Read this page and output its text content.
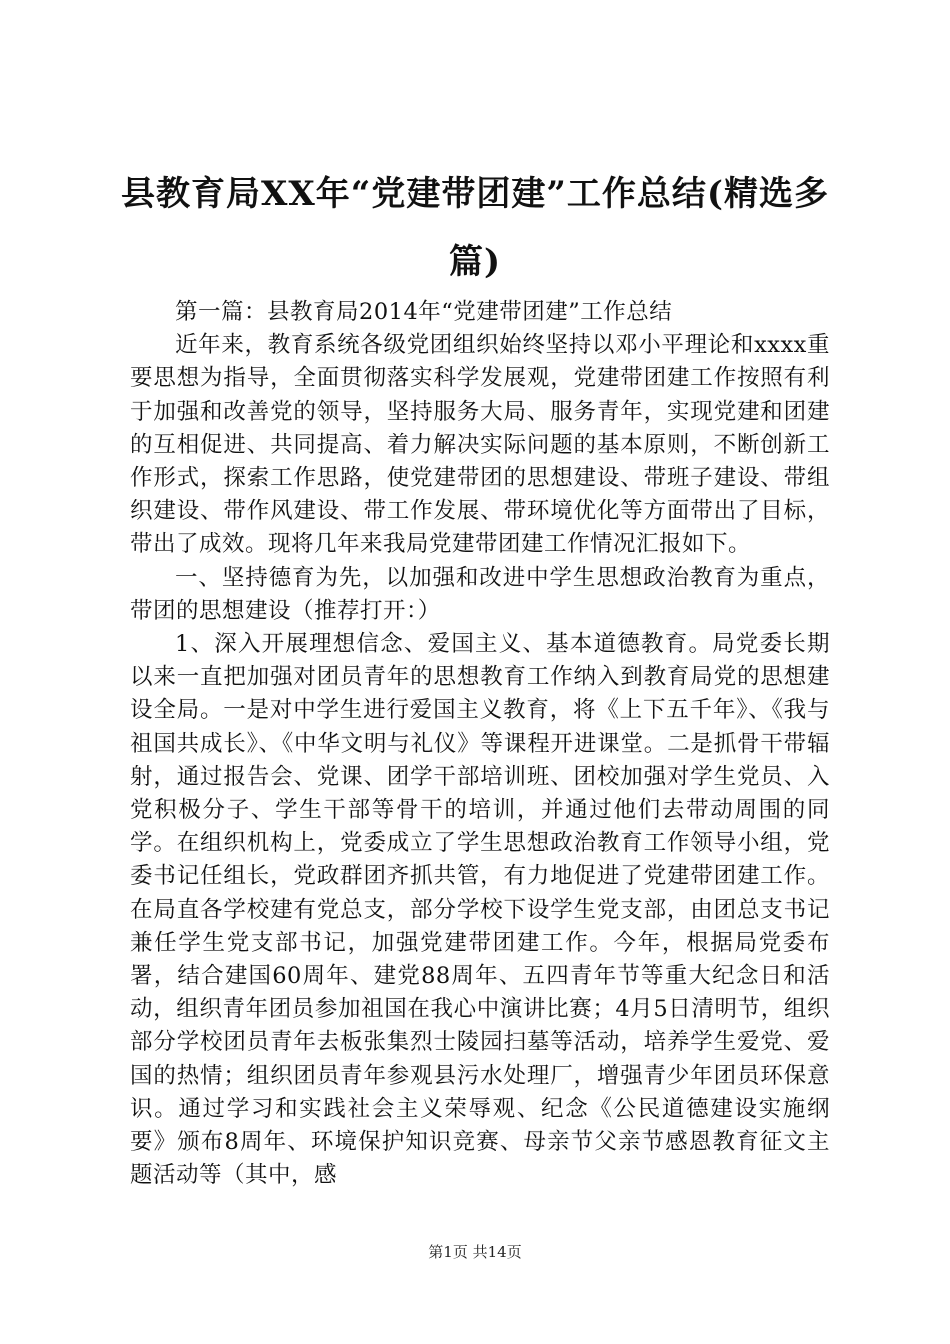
县教育局XX年“党建带团建”工作总结(精选多篇)

第一篇：县教育局2014年“党建带团建”工作总结

近年来，教育系统各级党团组织始终坚持以邓小平理论和xxxx重要思想为指导，全面贯彻落实科学发展观，党建带团建工作按照有利于加强和改善党的领导，坚持服务大局、服务青年，实现党建和团建的互相促进、共同提高、着力解决实际问题的基本原则，不断创新工作形式，探索工作思路，使党建带团的思想建设、带班子建设、带组织建设、带作风建设、带工作发展、带环境优化等方面带出了目标，带出了成效。现将几年来我局党建带团建工作情况汇报如下。

一、坚持德育为先，以加强和改进中学生思想政治教育为重点，带团的思想建设（推荐打开：）

1、深入开展理想信念、爱国主义、基本道德教育。局党委长期以来一直把加强对团员青年的思想教育工作纳入到教育局党的思想建设全局。一是对中学生进行爱国主义教育，将《上下五千年》、《我与祖国共成长》、《中华文明与礼仪》等课程开进课堂。二是抓骨干带辐射，通过报告会、党课、团学干部培训班、团校加强对学生党员、入党积极分子、学生干部等骨干的培训，并通过他们去带动周围的同学。在组织机构上，党委成立了学生思想政治教育工作领导小组，党委书记任组长，党政群团齐抓共管，有力地促进了党建带团建工作。在局直各学校建有党总支，部分学校下设学生党支部，由团总支书记兼任学生党支部书记，加强党建带团建工作。今年，根据局党委布署，结合建国60周年、建党88周年、五四青年节等重大纪念日和活动，组织青年团员参加祖国在我心中演讲比赛；4月5日清明节，组织部分学校团员青年去板张集烈士陵园扫墓等活动，培养学生爱党、爱国的热情；组织团员青年参观县污水处理厂，增强青少年团员环保意识。通过学习和实践社会主义荣辱观、纪念《公民道德建设实施纲要》颁布8周年、环境保护知识竞赛、母亲节父亲节感恩教育征文主题活动等（其中，感

第1页 共14页
